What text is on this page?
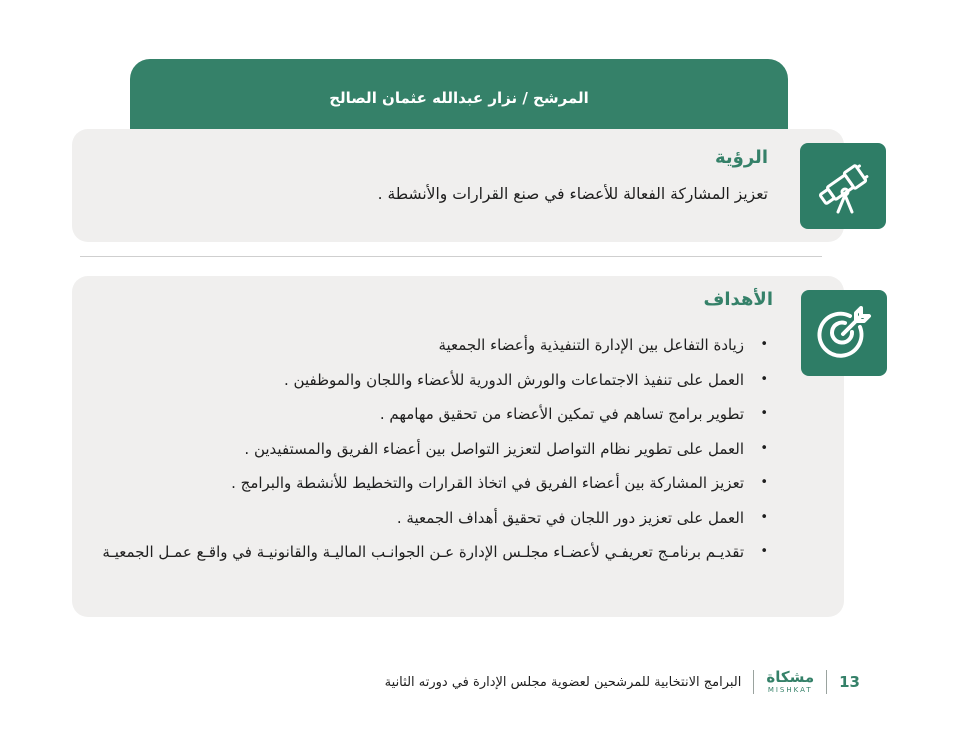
المرشح / نزار عبدالله عثمان الصالح
الرؤية
تعزيز المشاركة الفعالة للأعضاء في صنع القرارات والأنشطة .
الأهداف
• زيادة التفاعل بين الإدارة التنفيذية وأعضاء الجمعية
• العمل على تنفيذ الاجتماعات والورش الدورية للأعضاء واللجان والموظفين .
• تطوير برامج تساهم في تمكين الأعضاء من تحقيق مهامهم .
• العمل على تطوير نظام التواصل لتعزيز التواصل بين أعضاء الفريق والمستفيدين .
• تعزيز المشاركة بين أعضاء الفريق في اتخاذ القرارات والتخطيط للأنشطة والبرامج .
• العمل على تعزيز دور اللجان في تحقيق أهداف الجمعية .
• تقديـم برنامـج تعريفـي لأعضـاء مجلـس الإدارة عـن الجوانـب الماليـة والقانونيـة في واقـع عمـل الجمعيـة
البرامج الانتخابية للمرشحين لعضوية مجلس الإدارة في دورته الثانية مشكاة
MISHKAT 13
